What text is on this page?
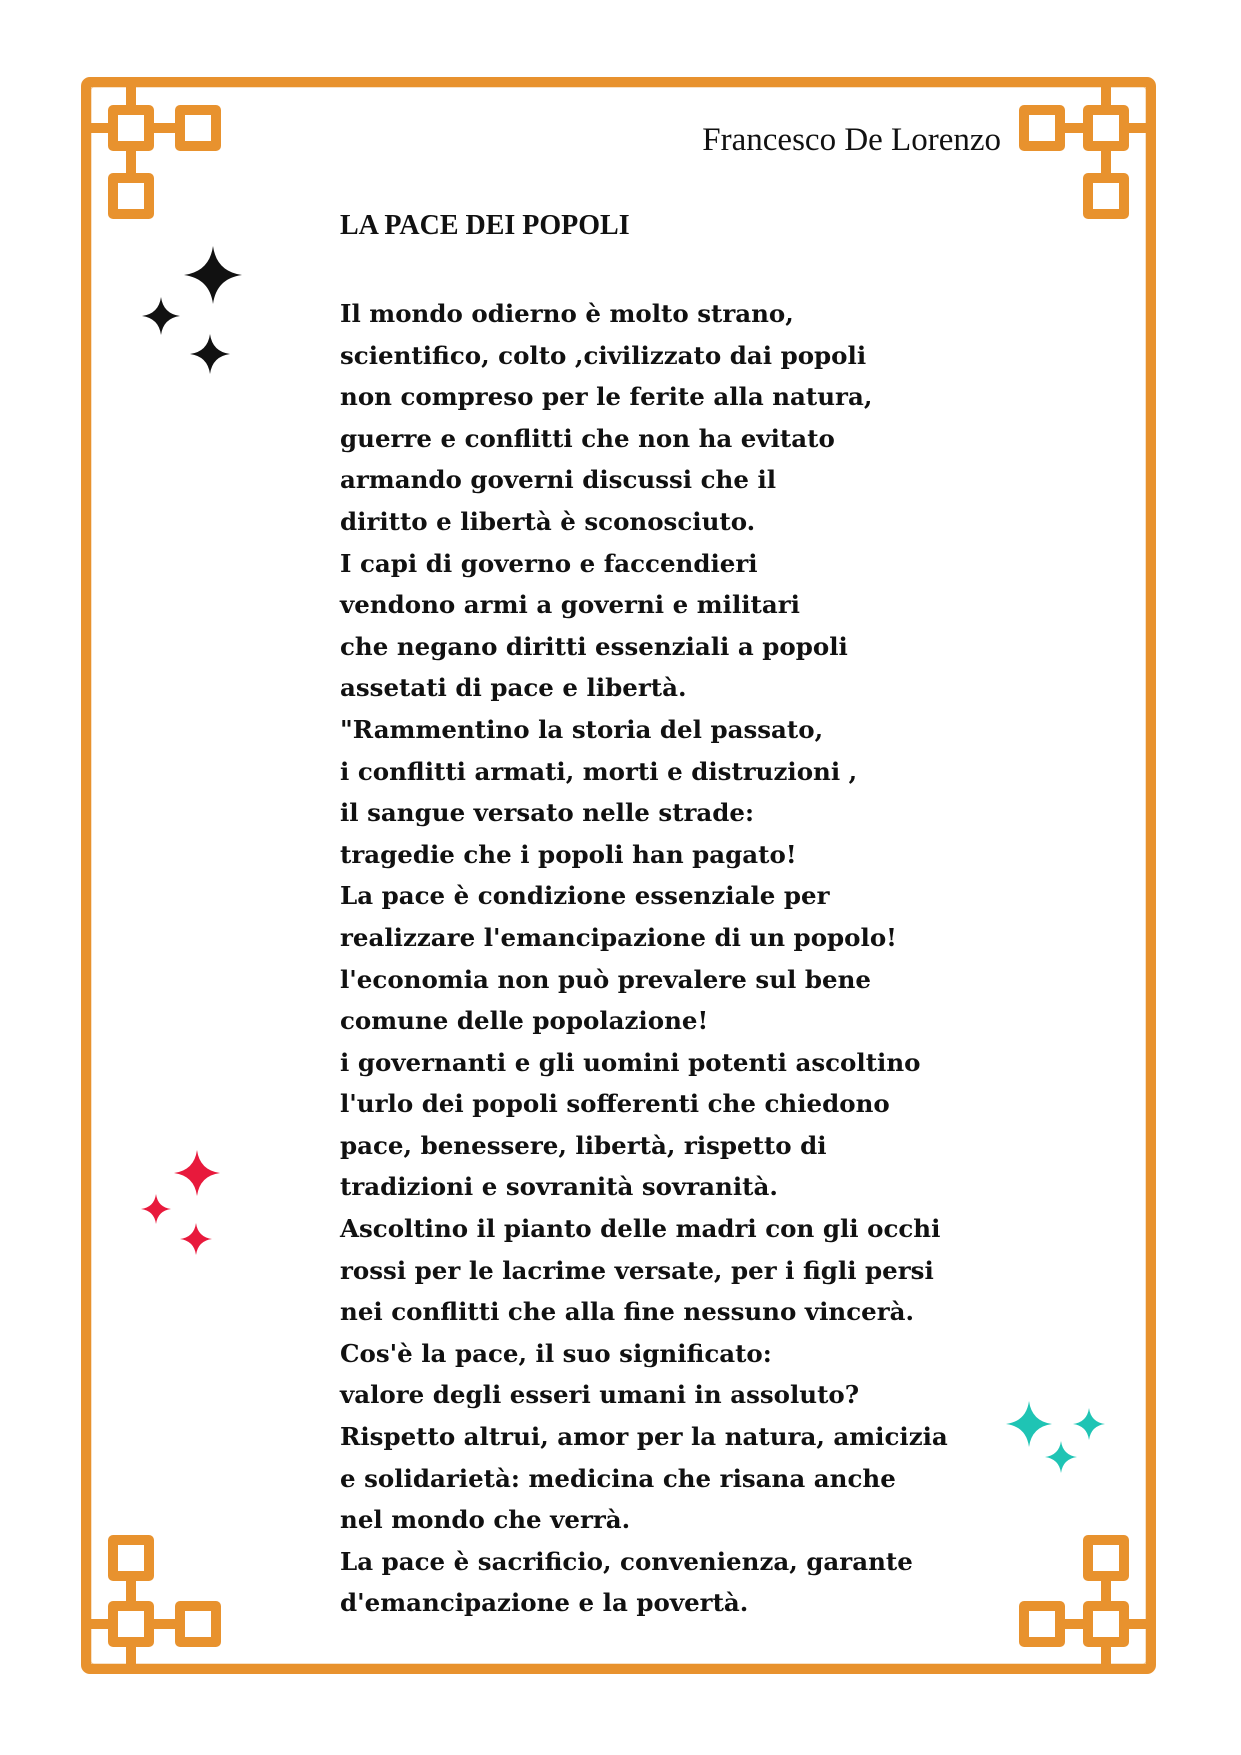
Francesco De Lorenzo
LA PACE DEI POPOLI
Il mondo odierno è molto strano,
scientifico, colto ,civilizzato dai popoli
non compreso per le ferite alla natura,
guerre e conflitti che non ha evitato
armando governi discussi che il
diritto e libertà è sconosciuto.
I capi di governo e faccendieri
vendono armi a governi e militari
che negano diritti essenziali a popoli
assetati di pace e libertà.
"Rammentino la storia del passato,
i conflitti armati, morti e distruzioni ,
il sangue versato nelle strade:
tragedie che i popoli han pagato!
La pace è condizione essenziale per
realizzare l'emancipazione di un popolo!
l'economia non può prevalere sul bene
comune delle popolazione!
i governanti e gli uomini potenti ascoltino
l'urlo dei popoli sofferenti che chiedono
pace, benessere, libertà, rispetto di
tradizioni e sovranità sovranità.
Ascoltino il pianto delle madri con gli occhi
rossi per le lacrime versate, per i figli persi
nei conflitti che alla fine nessuno vincerà.
Cos'è la pace, il suo significato:
valore degli esseri umani in assoluto?
Rispetto altrui, amor per la natura, amicizia
e solidarietà: medicina che risana anche
nel mondo che verrà.
La pace è sacrificio, convenienza, garante
d'emancipazione e la povertà.
